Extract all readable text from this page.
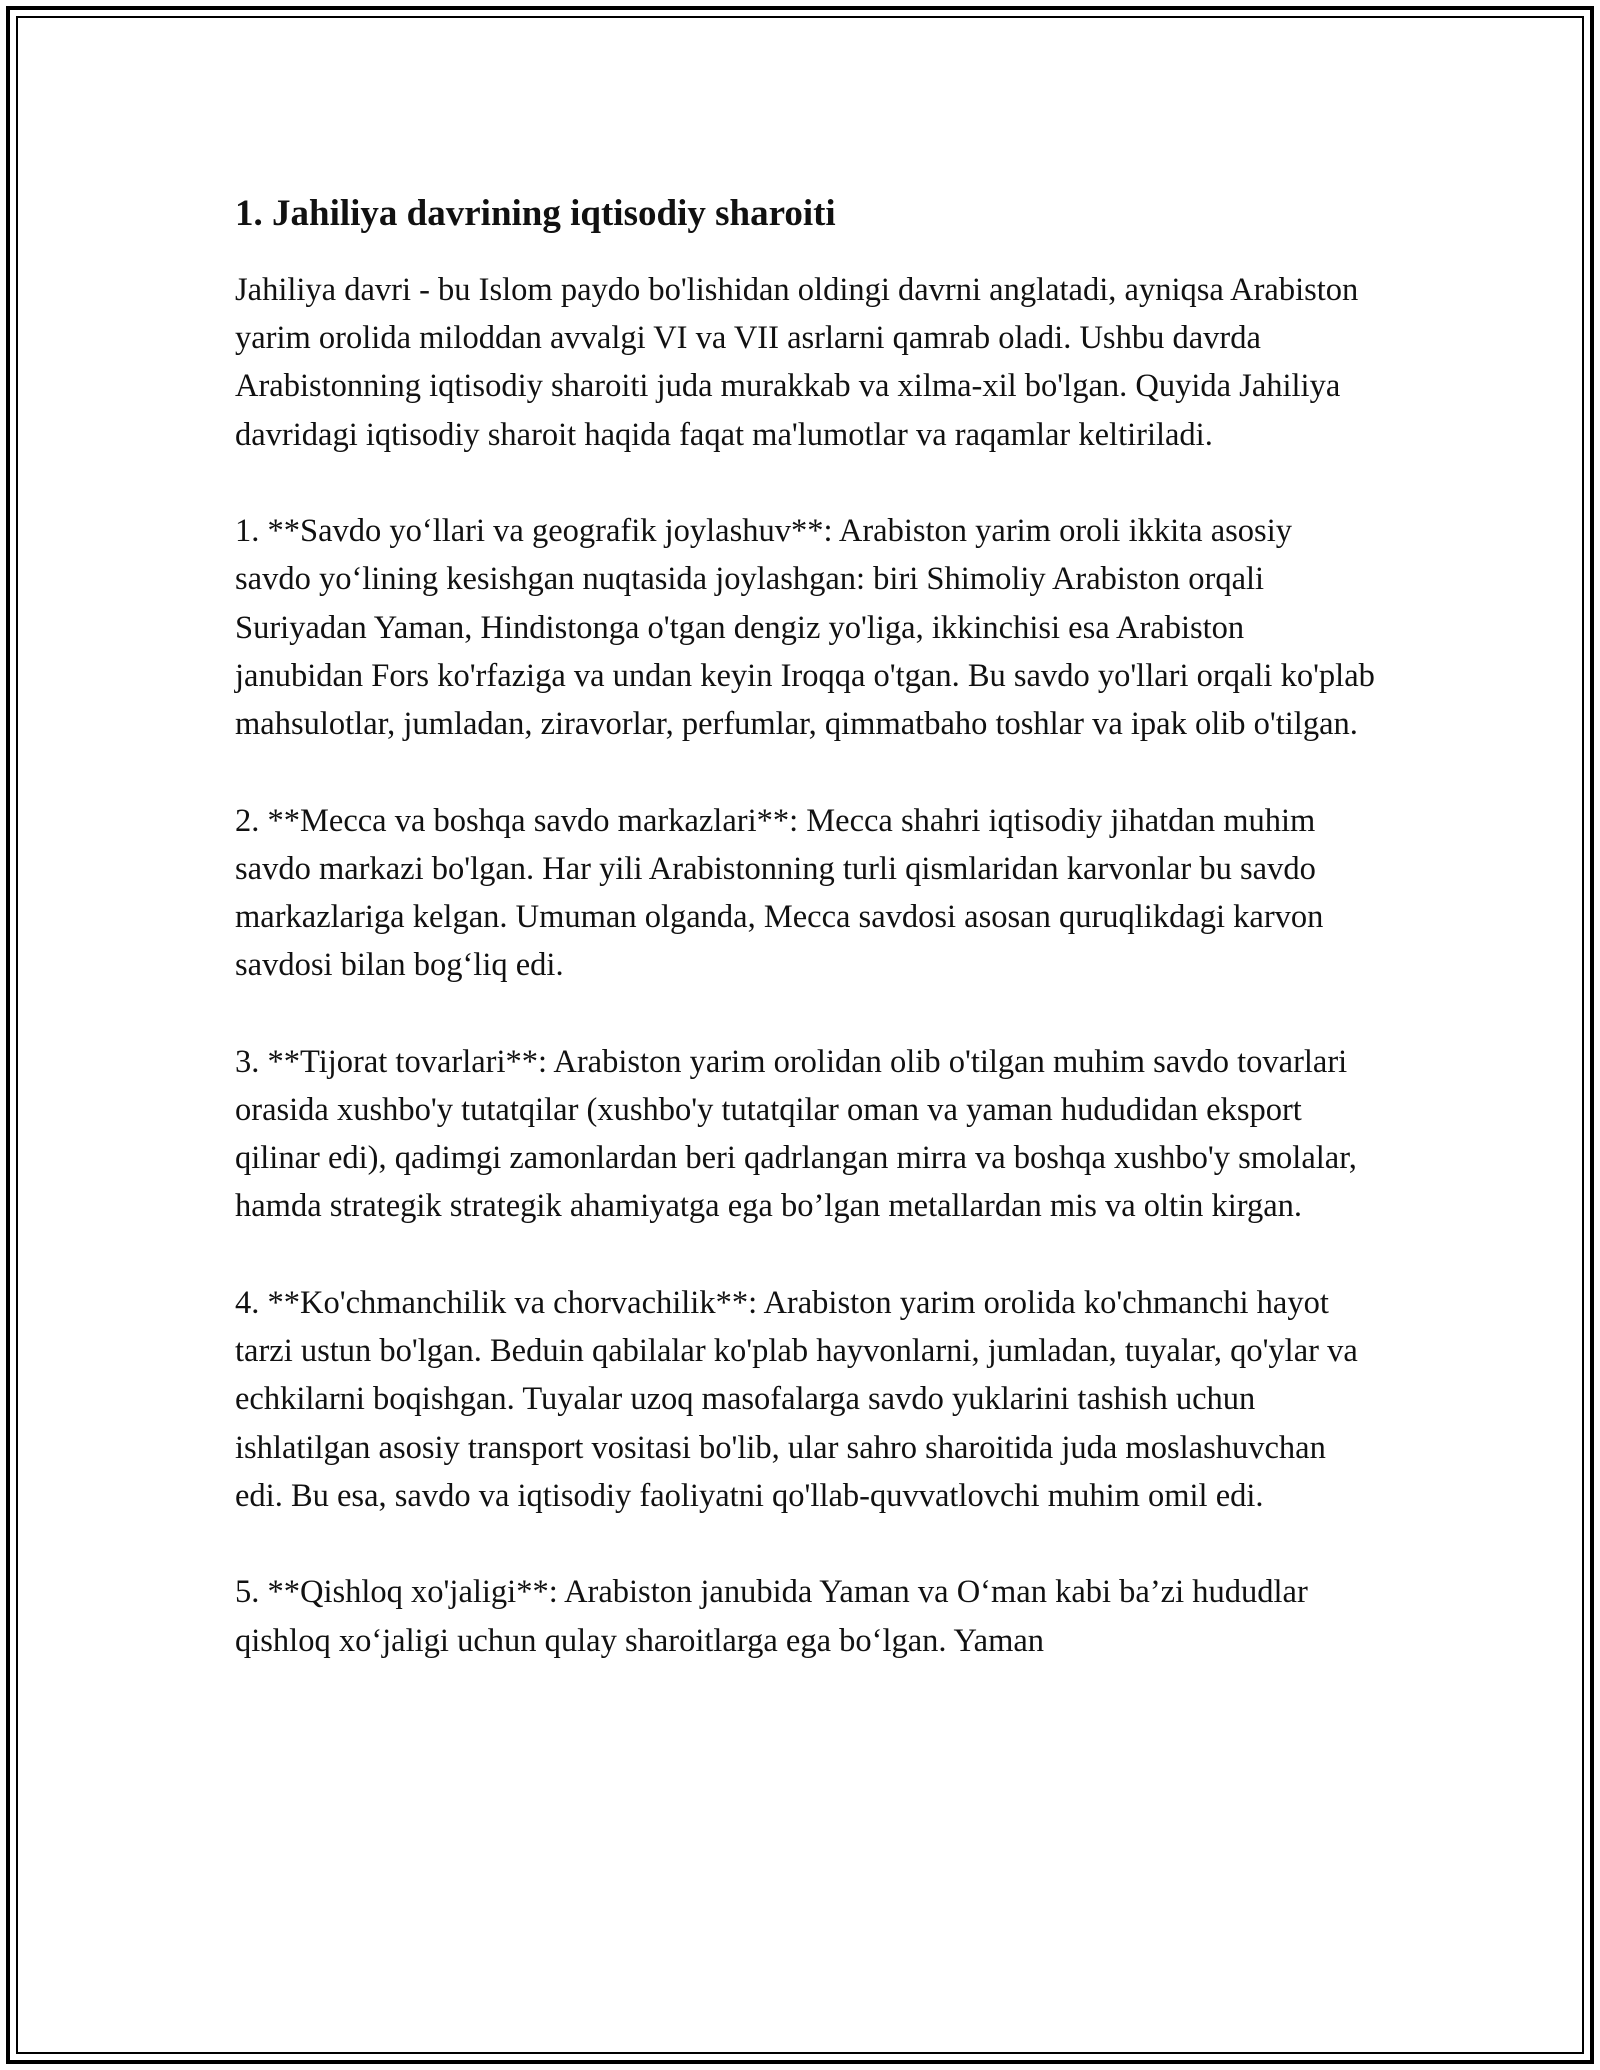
1. Jahiliya davrining iqtisodiy sharoiti

Jahiliya davri - bu Islom paydo bo'lishidan oldingi davrni anglatadi, ayniqsa Arabiston yarim orolida miloddan avvalgi VI va VII asrlarni qamrab oladi. Ushbu davrda Arabistonning iqtisodiy sharoiti juda murakkab va xilma-xil bo'lgan. Quyida Jahiliya davridagi iqtisodiy sharoit haqida faqat ma'lumotlar va raqamlar keltiriladi.

1. **Savdo yo‘llari va geografik joylashuv**: Arabiston yarim oroli ikkita asosiy savdo yo‘lining kesishgan nuqtasida joylashgan: biri Shimoliy Arabiston orqali Suriyadan Yaman, Hindistonga o'tgan dengiz yo'liga, ikkinchisi esa Arabiston janubidan Fors ko'rfaziga va undan keyin Iroqqa o'tgan. Bu savdo yo'llari orqali ko'plab mahsulotlar, jumladan, ziravorlar, perfumlar, qimmatbaho toshlar va ipak olib o'tilgan.

2. **Mecca va boshqa savdo markazlari**: Mecca shahri iqtisodiy jihatdan muhim savdo markazi bo'lgan. Har yili Arabistonning turli qismlaridan karvonlar bu savdo markazlariga kelgan. Umuman olganda, Mecca savdosi asosan quruqlikdagi karvon savdosi bilan bog‘liq edi.

3. **Tijorat tovarlari**: Arabiston yarim orolidan olib o'tilgan muhim savdo tovarlari orasida xushbo'y tutatqilar (xushbo'y tutatqilar oman va yaman hududidan eksport qilinar edi), qadimgi zamonlardan beri qadrlangan mirra va boshqa xushbo'y smolalar, hamda strategik strategik ahamiyatga ega bo’lgan metallardan mis va oltin kirgan.

4. **Ko'chmanchilik va chorvachilik**: Arabiston yarim orolida ko'chmanchi hayot tarzi ustun bo'lgan. Beduin qabilalar ko'plab hayvonlarni, jumladan, tuyalar, qo'ylar va echkilarni boqishgan. Tuyalar uzoq masofalarga savdo yuklarini tashish uchun ishlatilgan asosiy transport vositasi bo'lib, ular sahro sharoitida juda moslashuvchan edi. Bu esa, savdo va iqtisodiy faoliyatni qo'llab-quvvatlovchi muhim omil edi.

5. **Qishloq xo'jaligi**: Arabiston janubida Yaman va O‘man kabi ba’zi hududlar qishloq xo‘jaligi uchun qulay sharoitlarga ega bo‘lgan. Yaman
